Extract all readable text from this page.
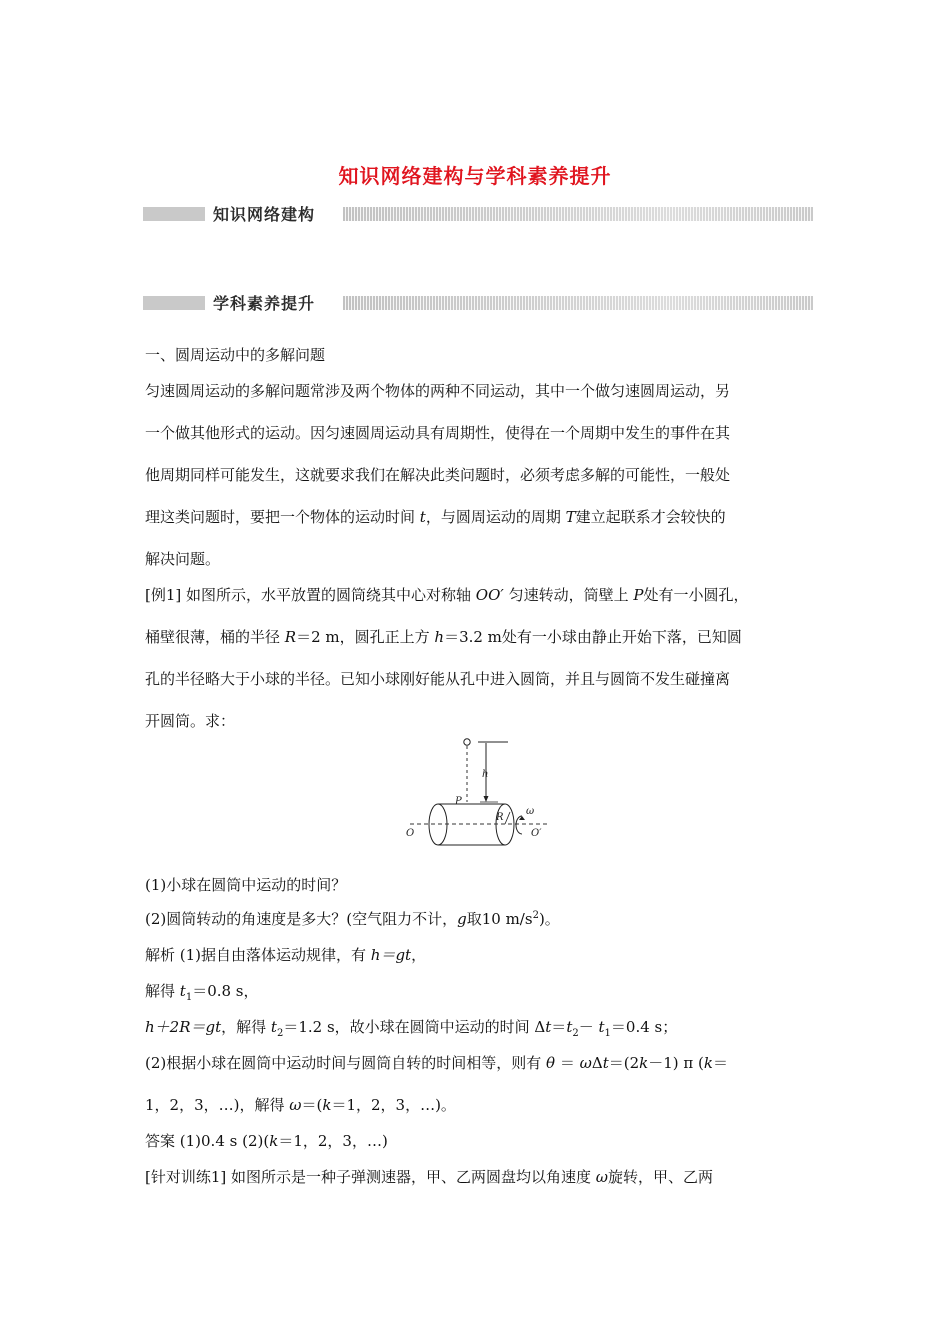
知识网络建构与学科素养提升
知识网络建构
学科素养提升
一、圆周运动中的多解问题
匀速圆周运动的多解问题常涉及两个物体的两种不同运动，其中一个做匀速圆周运动，另
一个做其他形式的运动。因匀速圆周运动具有周期性，使得在一个周期中发生的事件在其
他周期同样可能发生，这就要求我们在解决此类问题时，必须考虑多解的可能性，一般处
理这类问题时，要把一个物体的运动时间 t，与圆周运动的周期 T建立起联系才会较快的
解决问题。
[例1] 如图所示，水平放置的圆筒绕其中心对称轴 OO′ 匀速转动，筒壁上 P处有一小圆孔，
桶壁很薄，桶的半径 R＝2 m，圆孔正上方 h＝3.2 m处有一小球由静止开始下落，已知圆
孔的半径略大于小球的半径。已知小球刚好能从孔中进入圆筒，并且与圆筒不发生碰撞离
开圆筒。求：
h
P
R
ω
O	O′
(1)小球在圆筒中运动的时间？
(2)圆筒转动的角速度是多大？(空气阻力不计，g取10 $m/s^2$)。
解析 (1)据自由落体运动规律，有 h＝gt，
解得 $t_1=0.8$ s，
h＋2R＝gt，解得 $t_2=1.2$ s，故小球在圆筒中运动的时间 $\Delta t=t_2- t_1=0.4$ s；
(2)根据小球在圆筒中运动时间与圆筒自转的时间相等，则有 θ ＝ ωΔt＝(2k－1) π (k＝
1，2，3，…)，解得 ω＝(k＝1，2，3，…)。
答案 (1)0.4 s (2)(k＝1，2，3，…)
[针对训练1] 如图所示是一种子弹测速器，甲、乙两圆盘均以角速度 ω旋转，甲、乙两
